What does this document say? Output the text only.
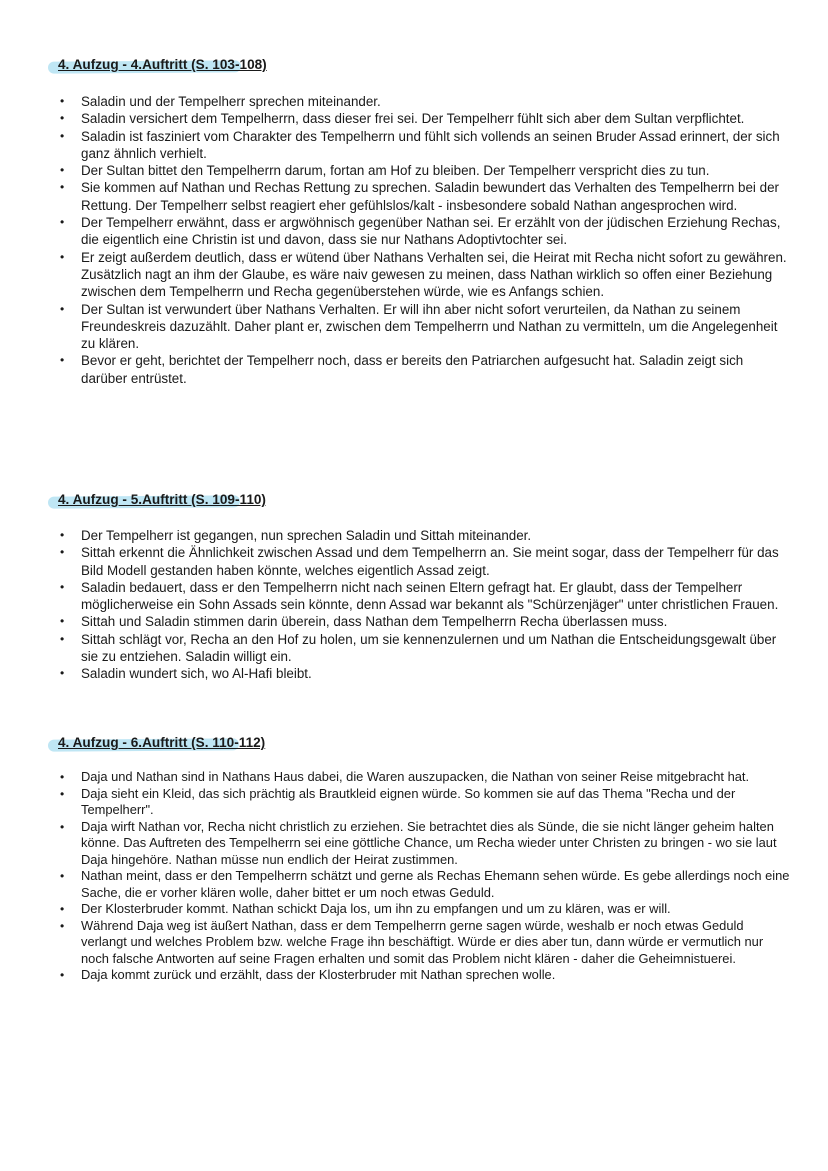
4. Aufzug - 4.Auftritt (S. 103-108)
• Saladin und der Tempelherr sprechen miteinander.
• Saladin versichert dem Tempelherrn, dass dieser frei sei. Der Tempelherr fühlt sich aber dem Sultan verpflichtet.
• Saladin ist fasziniert vom Charakter des Tempelherrn und fühlt sich vollends an seinen Bruder Assad erinnert, der sich ganz ähnlich verhielt.
• Der Sultan bittet den Tempelherrn darum, fortan am Hof zu bleiben. Der Tempelherr verspricht dies zu tun.
• Sie kommen auf Nathan und Rechas Rettung zu sprechen. Saladin bewundert das Verhalten des Tempelherrn bei der Rettung. Der Tempelherr selbst reagiert eher gefühlslos/kalt - insbesondere sobald Nathan angesprochen wird.
• Der Tempelherr erwähnt, dass er argwöhnisch gegenüber Nathan sei. Er erzählt von der jüdischen Erziehung Rechas, die eigentlich eine Christin ist und davon, dass sie nur Nathans Adoptivtochter sei.
• Er zeigt außerdem deutlich, dass er wütend über Nathans Verhalten sei, die Heirat mit Recha nicht sofort zu gewähren. Zusätzlich nagt an ihm der Glaube, es wäre naiv gewesen zu meinen, dass Nathan wirklich so offen einer Beziehung zwischen dem Tempelherrn und Recha gegenüberstehen würde, wie es Anfangs schien.
• Der Sultan ist verwundert über Nathans Verhalten. Er will ihn aber nicht sofort verurteilen, da Nathan zu seinem Freundeskreis dazuzählt. Daher plant er, zwischen dem Tempelherrn und Nathan zu vermitteln, um die Angelegenheit zu klären.
• Bevor er geht, berichtet der Tempelherr noch, dass er bereits den Patriarchen aufgesucht hat. Saladin zeigt sich darüber entrüstet.
4. Aufzug - 5.Auftritt (S. 109-110)
• Der Tempelherr ist gegangen, nun sprechen Saladin und Sittah miteinander.
• Sittah erkennt die Ähnlichkeit zwischen Assad und dem Tempelherrn an. Sie meint sogar, dass der Tempelherr für das Bild Modell gestanden haben könnte, welches eigentlich Assad zeigt.
• Saladin bedauert, dass er den Tempelherrn nicht nach seinen Eltern gefragt hat. Er glaubt, dass der Tempelherr möglicherweise ein Sohn Assads sein könnte, denn Assad war bekannt als "Schürzenjäger" unter christlichen Frauen.
• Sittah und Saladin stimmen darin überein, dass Nathan dem Tempelherrn Recha überlassen muss.
• Sittah schlägt vor, Recha an den Hof zu holen, um sie kennenzulernen und um Nathan die Entscheidungsgewalt über sie zu entziehen. Saladin willigt ein.
• Saladin wundert sich, wo Al-Hafi bleibt.
4. Aufzug - 6.Auftritt (S. 110-112)
• Daja und Nathan sind in Nathans Haus dabei, die Waren auszupacken, die Nathan von seiner Reise mitgebracht hat.
• Daja sieht ein Kleid, das sich prächtig als Brautkleid eignen würde. So kommen sie auf das Thema "Recha und der Tempelherr".
• Daja wirft Nathan vor, Recha nicht christlich zu erziehen. Sie betrachtet dies als Sünde, die sie nicht länger geheim halten könne. Das Auftreten des Tempelherrn sei eine göttliche Chance, um Recha wieder unter Christen zu bringen - wo sie laut Daja hingehöre. Nathan müsse nun endlich der Heirat zustimmen.
• Nathan meint, dass er den Tempelherrn schätzt und gerne als Rechas Ehemann sehen würde. Es gebe allerdings noch eine Sache, die er vorher klären wolle, daher bittet er um noch etwas Geduld.
• Der Klosterbruder kommt. Nathan schickt Daja los, um ihn zu empfangen und um zu klären, was er will.
• Während Daja weg ist äußert Nathan, dass er dem Tempelherrn gerne sagen würde, weshalb er noch etwas Geduld verlangt und welches Problem bzw. welche Frage ihn beschäftigt. Würde er dies aber tun, dann würde er vermutlich nur noch falsche Antworten auf seine Fragen erhalten und somit das Problem nicht klären - daher die Geheimnistuerei.
• Daja kommt zurück und erzählt, dass der Klosterbruder mit Nathan sprechen wolle.
